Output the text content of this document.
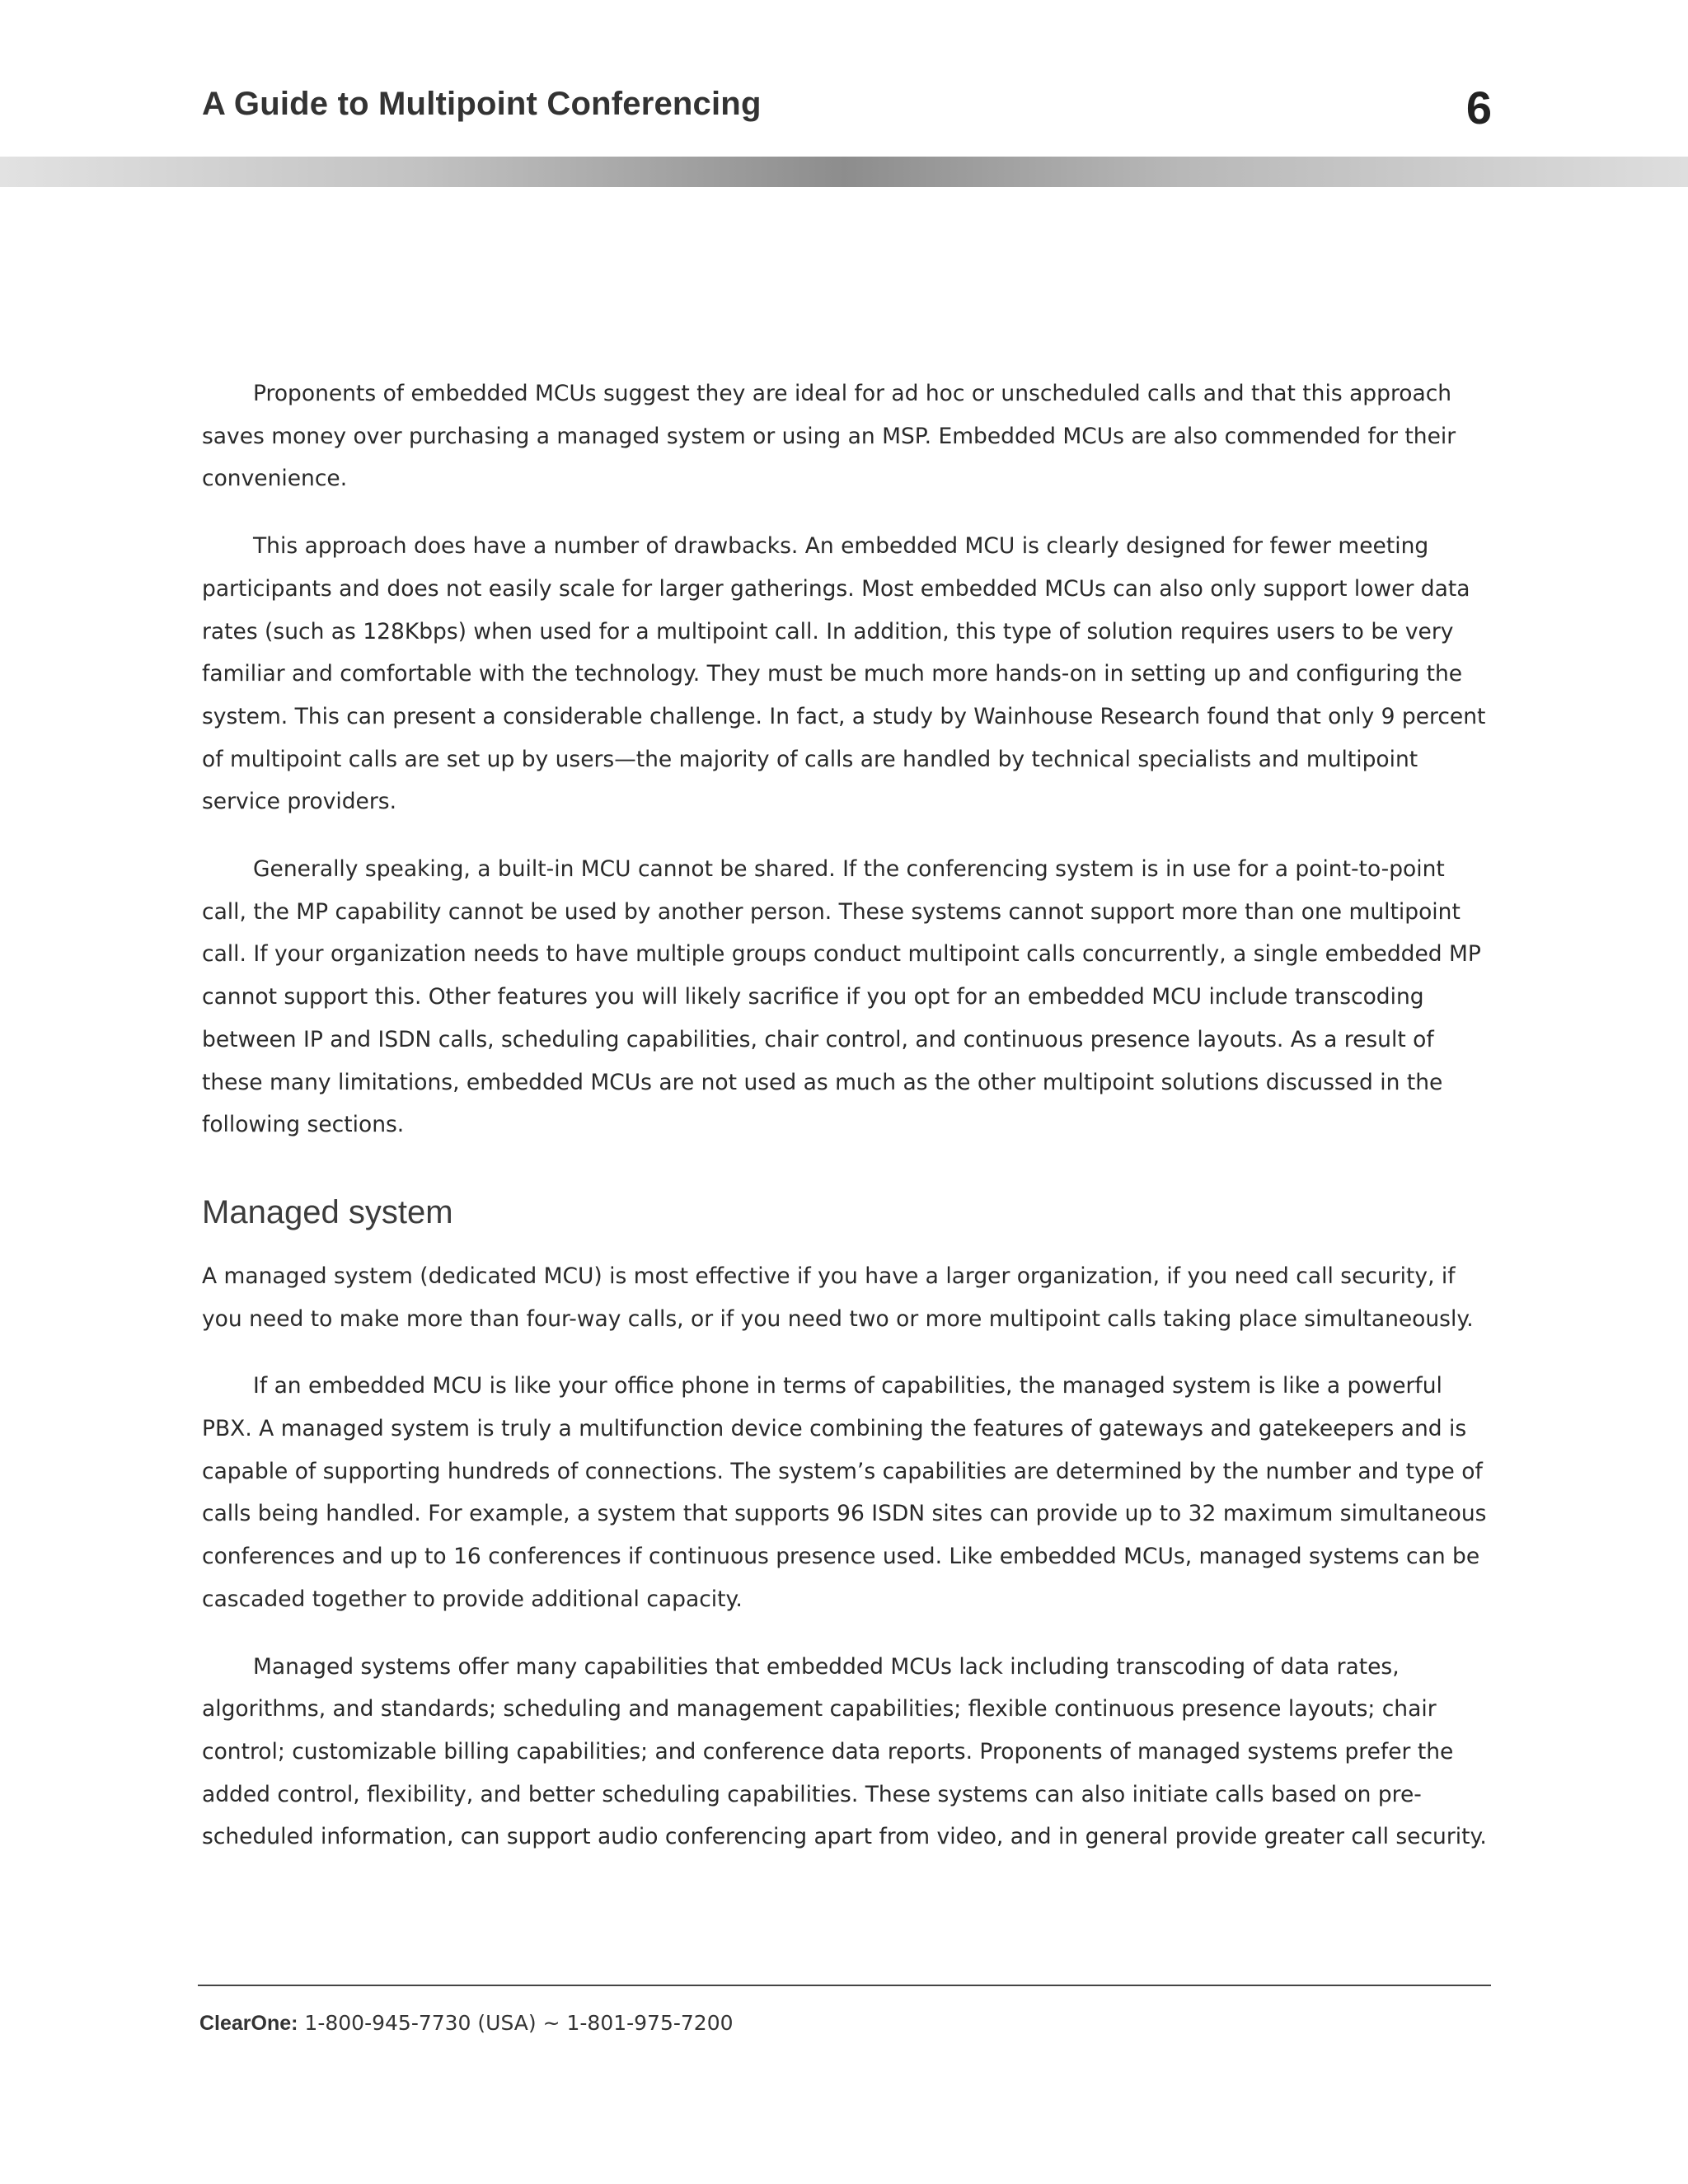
A Guide to Multipoint Conferencing	6

Proponents of embedded MCUs suggest they are ideal for ad hoc or unscheduled calls and that this approach saves money over purchasing a managed system or using an MSP. Embedded MCUs are also commended for their convenience.

This approach does have a number of drawbacks. An embedded MCU is clearly designed for fewer meeting participants and does not easily scale for larger gatherings. Most embedded MCUs can also only support lower data rates (such as 128Kbps) when used for a multipoint call. In addition, this type of solution requires users to be very familiar and comfortable with the technology. They must be much more hands-on in setting up and configuring the system. This can present a considerable challenge. In fact, a study by Wainhouse Research found that only 9 percent of multipoint calls are set up by users—the majority of calls are handled by technical specialists and multipoint service providers.

Generally speaking, a built-in MCU cannot be shared. If the conferencing system is in use for a point-to-point call, the MP capability cannot be used by another person. These systems cannot support more than one multipoint call. If your organization needs to have multiple groups conduct multipoint calls concurrently, a single embedded MP cannot support this. Other features you will likely sacrifice if you opt for an embedded MCU include transcoding between IP and ISDN calls, scheduling capabilities, chair control, and continuous presence layouts. As a result of these many limitations, embedded MCUs are not used as much as the other multipoint solutions discussed in the following sections.

Managed system

A managed system (dedicated MCU) is most effective if you have a larger organization, if you need call security, if you need to make more than four-way calls, or if you need two or more multipoint calls taking place simultaneously.

If an embedded MCU is like your office phone in terms of capabilities, the managed system is like a powerful PBX. A managed system is truly a multifunction device combining the features of gateways and gatekeepers and is capable of supporting hundreds of connections. The system’s capabilities are determined by the number and type of calls being handled. For example, a system that supports 96 ISDN sites can provide up to 32 maximum simultaneous conferences and up to 16 conferences if continuous presence used. Like embedded MCUs, managed systems can be cascaded together to provide additional capacity.

Managed systems offer many capabilities that embedded MCUs lack including transcoding of data rates, algorithms, and standards; scheduling and management capabilities; flexible continuous presence layouts; chair control; customizable billing capabilities; and conference data reports. Proponents of managed systems prefer the added control, flexibility, and better scheduling capabilities. These systems can also initiate calls based on pre-scheduled information, can support audio conferencing apart from video, and in general provide greater call security.

ClearOne: 1-800-945-7730 (USA) ~ 1-801-975-7200
